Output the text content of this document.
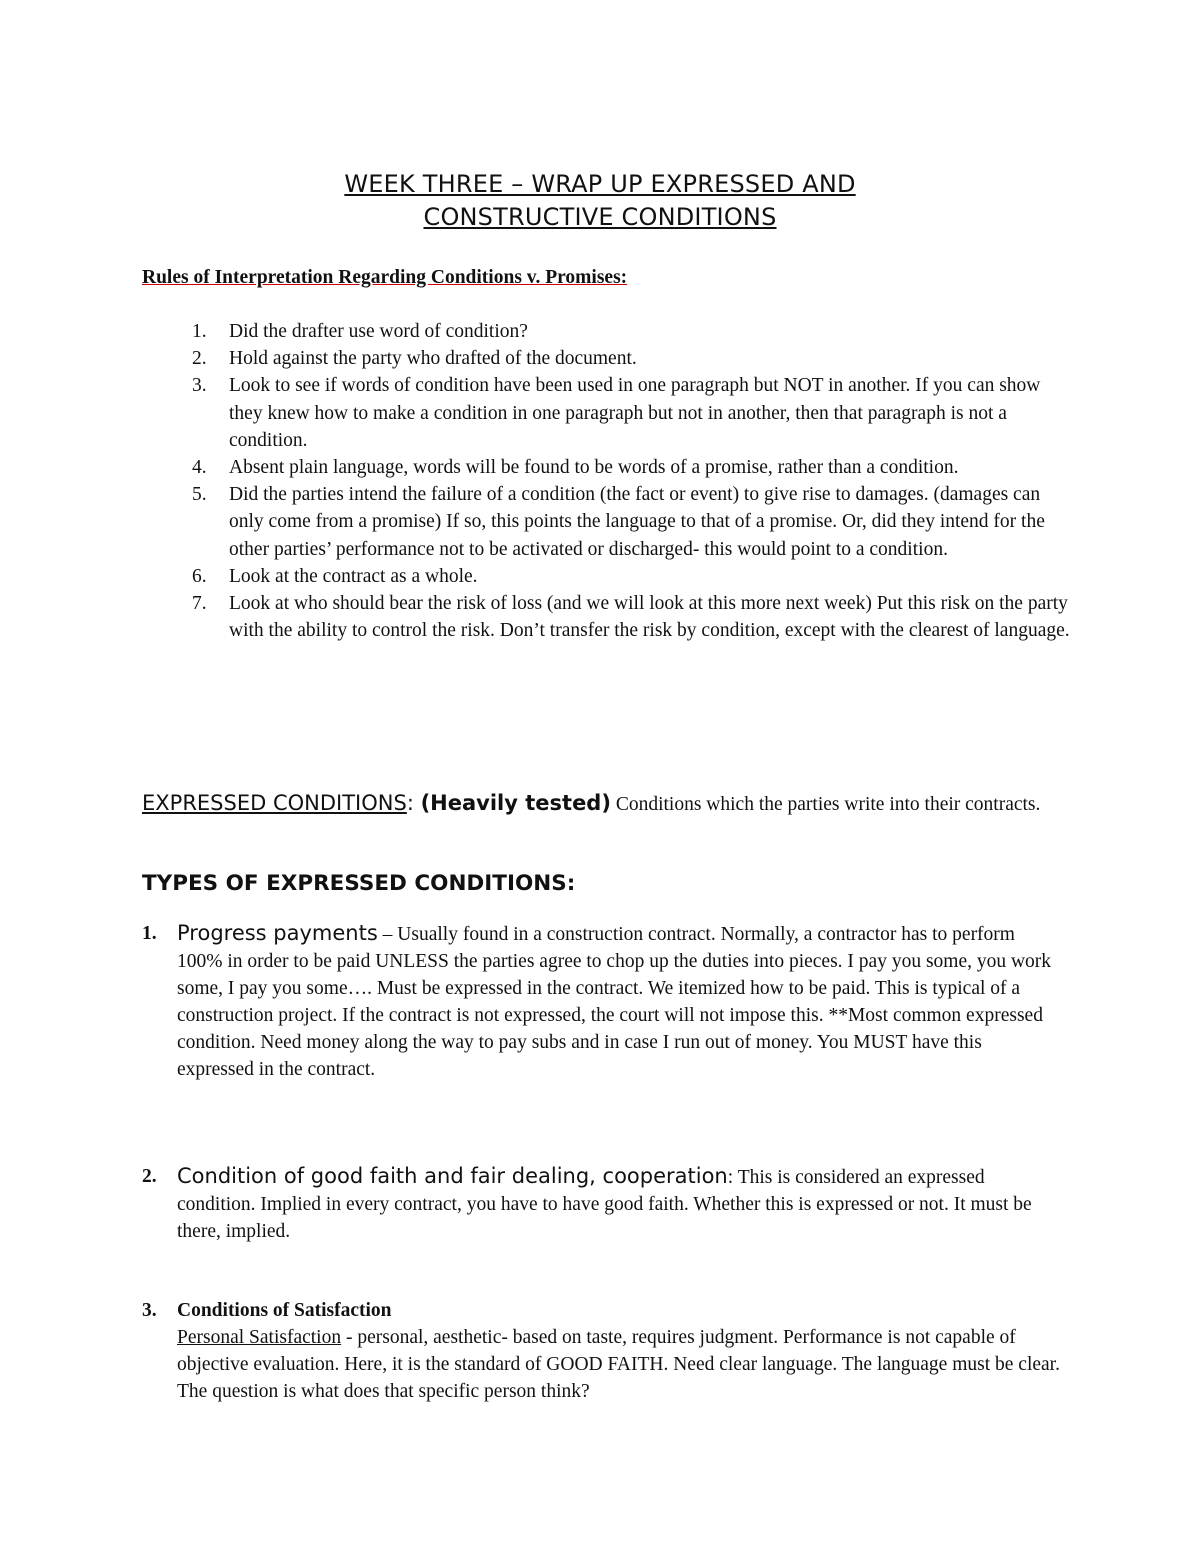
WEEK THREE – WRAP UP EXPRESSED AND
CONSTRUCTIVE CONDITIONS
Rules of Interpretation Regarding Conditions v. Promises:
1. Did the drafter use word of condition?
2. Hold against the party who drafted of the document.
3. Look to see if words of condition have been used in one paragraph but NOT in another. If you can show they knew how to make a condition in one paragraph but not in another, then that paragraph is not a condition.
4. Absent plain language, words will be found to be words of a promise, rather than a condition.
5. Did the parties intend the failure of a condition (the fact or event) to give rise to damages. (damages can only come from a promise) If so, this points the language to that of a promise. Or, did they intend for the other parties’ performance not to be activated or discharged- this would point to a condition.
6. Look at the contract as a whole.
7. Look at who should bear the risk of loss (and we will look at this more next week) Put this risk on the party with the ability to control the risk. Don’t transfer the risk by condition, except with the clearest of language.
EXPRESSED CONDITIONS: (Heavily tested) Conditions which the parties write into their contracts.
TYPES OF EXPRESSED CONDITIONS:
1. Progress payments – Usually found in a construction contract. Normally, a contractor has to perform 100% in order to be paid UNLESS the parties agree to chop up the duties into pieces. I pay you some, you work some, I pay you some…. Must be expressed in the contract. We itemized how to be paid. This is typical of a construction project. If the contract is not expressed, the court will not impose this. **Most common expressed condition. Need money along the way to pay subs and in case I run out of money. You MUST have this expressed in the contract.
2. Condition of good faith and fair dealing, cooperation: This is considered an expressed condition. Implied in every contract, you have to have good faith. Whether this is expressed or not. It must be there, implied.
3. Conditions of Satisfaction
Personal Satisfaction - personal, aesthetic- based on taste, requires judgment. Performance is not capable of objective evaluation. Here, it is the standard of GOOD FAITH. Need clear language. The language must be clear. The question is what does that specific person think?
